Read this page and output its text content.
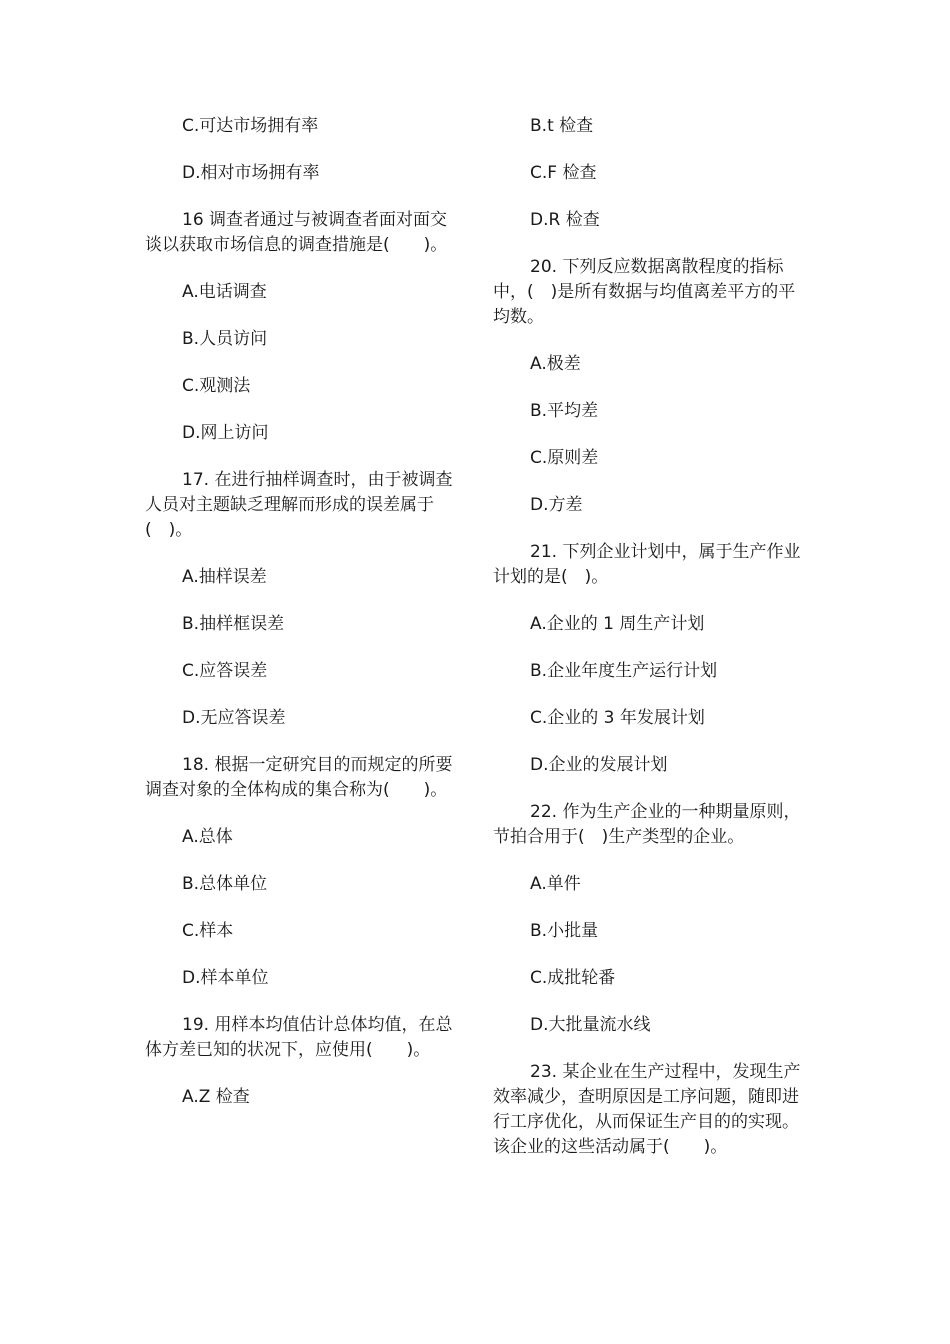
C.可达市场拥有率

D.相对市场拥有率

16 调查者通过与被调查者面对面交谈以获取市场信息的调查措施是(　　)。

A.电话调查

B.人员访问

C.观测法

D.网上访问

17. 在进行抽样调查时，由于被调查人员对主题缺乏理解而形成的误差属于(　)。

A.抽样误差

B.抽样框误差

C.应答误差

D.无应答误差

18. 根据一定研究目的而规定的所要调查对象的全体构成的集合称为(　　)。

A.总体

B.总体单位

C.样本

D.样本单位

19. 用样本均值估计总体均值，在总体方差已知的状况下，应使用(　　)。

A.Z 检查

B.t 检查

C.F 检查

D.R 检查

20. 下列反应数据离散程度的指标中，(　)是所有数据与均值离差平方的平均数。

A.极差

B.平均差

C.原则差

D.方差

21. 下列企业计划中，属于生产作业计划的是(　)。

A.企业的 1 周生产计划

B.企业年度生产运行计划

C.企业的 3 年发展计划

D.企业的发展计划

22. 作为生产企业的一种期量原则，节拍合用于(　)生产类型的企业。

A.单件

B.小批量

C.成批轮番

D.大批量流水线

23. 某企业在生产过程中，发现生产效率减少，查明原因是工序问题，随即进行工序优化，从而保证生产目的的实现。该企业的这些活动属于(　　)。
